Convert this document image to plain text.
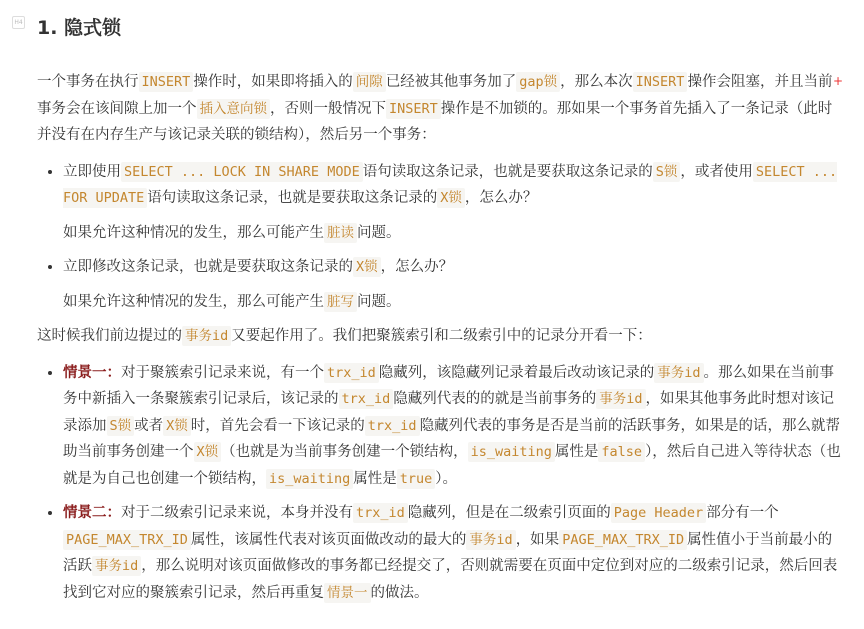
H4 1. 隐式锁

一个事务在执行 INSERT 操作时，如果即将插入的 间隙 已经被其他事务加了 gap锁 ，那么本次 INSERT 操作会阻塞，并且当前事务会在该间隙上加一个 插入意向锁 ，否则一般情况下 INSERT 操作是不加锁的。那如果一个事务首先插入了一条记录（此时并没有在内存生产与该记录关联的锁结构），然后另一个事务：

• 立即使用 SELECT ... LOCK IN SHARE MODE 语句读取这条记录，也就是要获取这条记录的 S锁 ，或者使用 SELECT ... FOR UPDATE 语句读取这条记录，也就是要获取这条记录的 X锁 ，怎么办？

如果允许这种情况的发生，那么可能产生 脏读 问题。

• 立即修改这条记录，也就是要获取这条记录的 X锁 ，怎么办？

如果允许这种情况的发生，那么可能产生 脏写 问题。

这时候我们前边提过的 事务id 又要起作用了。我们把聚簇索引和二级索引中的记录分开看一下：

• 情景一：对于聚簇索引记录来说，有一个 trx_id 隐藏列，该隐藏列记录着最后改动该记录的 事务id 。那么如果在当前事务中新插入一条聚簇索引记录后，该记录的 trx_id 隐藏列代表的的就是当前事务的 事务id ，如果其他事务此时想对该记录添加 S锁 或者 X锁 时，首先会看一下该记录的 trx_id 隐藏列代表的事务是否是当前的活跃事务，如果是的话，那么就帮助当前事务创建一个 X锁 （也就是为当前事务创建一个锁结构， is_waiting 属性是 false ），然后自己进入等待状态（也就是为自己也创建一个锁结构， is_waiting 属性是 true ）。
• 情景二：对于二级索引记录来说，本身并没有 trx_id 隐藏列，但是在二级索引页面的 Page Header 部分有一个PAGE_MAX_TRX_ID 属性，该属性代表对该页面做改动的最大的 事务id ，如果 PAGE_MAX_TRX_ID 属性值小于当前最小的活跃 事务id ，那么说明对该页面做修改的事务都已经提交了，否则就需要在页面中定位到对应的二级索引记录，然后回表找到它对应的聚簇索引记录，然后再重复 情景一 的做法。
+
